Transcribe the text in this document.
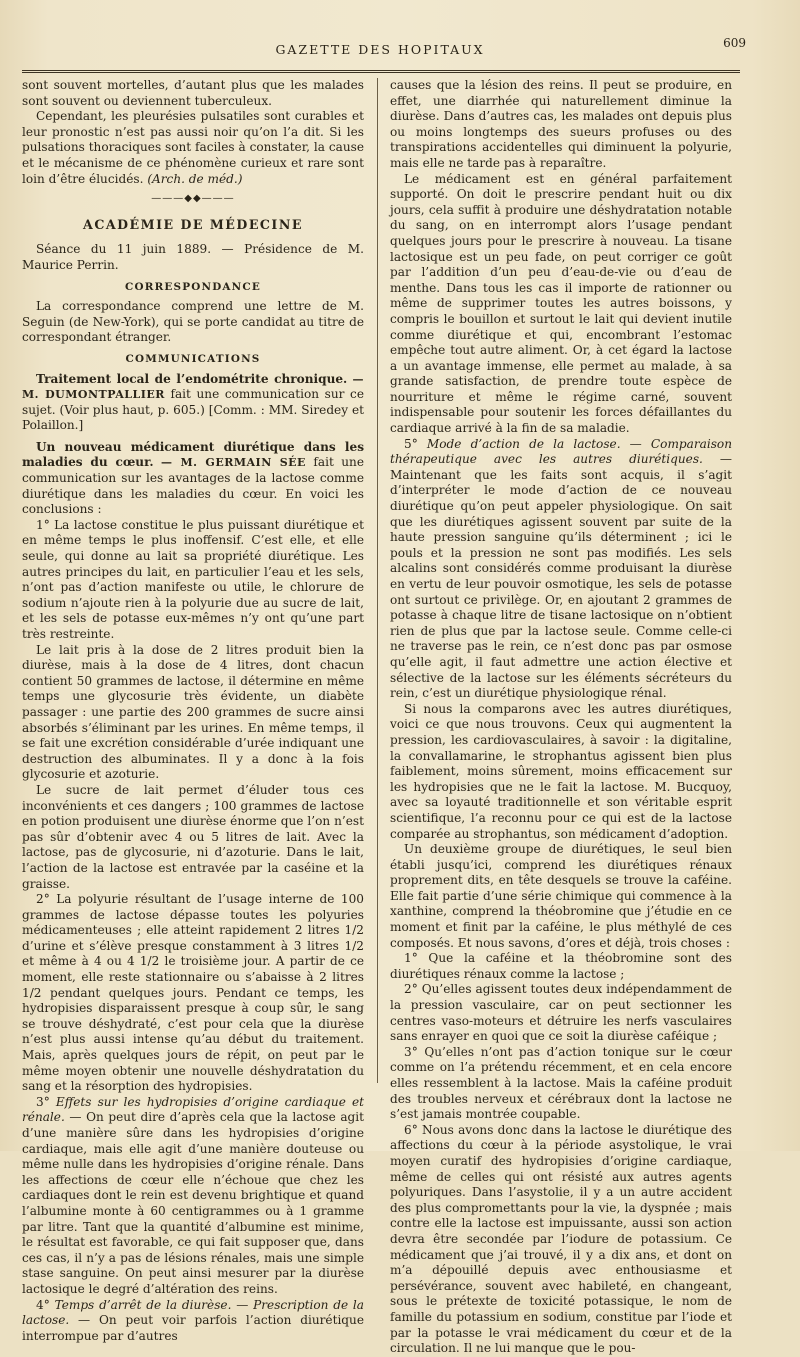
GAZETTE DES HOPITAUX	609

sont souvent mortelles, d’autant plus que les malades sont souvent ou deviennent tuberculeux.

Cependant, les pleurésies pulsatiles sont curables et leur pronostic n’est pas aussi noir qu’on l’a dit. Si les pulsations thoraciques sont faciles à constater, la cause et le mécanisme de ce phénomène curieux et rare sont loin d’être élucidés. (Arch. de méd.)

———◆◆———
ACADÉMIE DE MÉDECINE

Séance du 11 juin 1889. — Présidence de M. Maurice Perrin.

CORRESPONDANCE

La correspondance comprend une lettre de M. Seguin (de New-York), qui se porte candidat au titre de correspondant étranger.

COMMUNICATIONS

Traitement local de l’endométrite chronique. — M. DUMONTPALLIER fait une communication sur ce sujet. (Voir plus haut, p. 605.) [Comm. : MM. Siredey et Polaillon.]

Un nouveau médicament diurétique dans les maladies du cœur. — M. GERMAIN SÉE fait une communication sur les avantages de la lactose comme diurétique dans les maladies du cœur. En voici les conclusions :

1° La lactose constitue le plus puissant diurétique et en même temps le plus inoffensif. C’est elle, et elle seule, qui donne au lait sa propriété diurétique. Les autres principes du lait, en particulier l’eau et les sels, n’ont pas d’action manifeste ou utile, le chlorure de sodium n’ajoute rien à la polyurie due au sucre de lait, et les sels de potasse eux-mêmes n’y ont qu’une part très restreinte.

Le lait pris à la dose de 2 litres produit bien la diurèse, mais à la dose de 4 litres, dont chacun contient 50 grammes de lactose, il détermine en même temps une glycosurie très évidente, un diabète passager : une partie des 200 grammes de sucre ainsi absorbés s’éliminant par les urines. En même temps, il se fait une excrétion considérable d’urée indiquant une destruction des albuminates. Il y a donc à la fois glycosurie et azoturie.

Le sucre de lait permet d’éluder tous ces inconvénients et ces dangers ; 100 grammes de lactose en potion produisent une diurèse énorme que l’on n’est pas sûr d’obtenir avec 4 ou 5 litres de lait. Avec la lactose, pas de glycosurie, ni d’azoturie. Dans le lait, l’action de la lactose est entravée par la caséine et la graisse.

2° La polyurie résultant de l’usage interne de 100 grammes de lactose dépasse toutes les polyuries médicamenteuses ; elle atteint rapidement 2 litres 1/2 d’urine et s’élève presque constamment à 3 litres 1/2 et même à 4 ou 4 1/2 le troisième jour. A partir de ce moment, elle reste stationnaire ou s’abaisse à 2 litres 1/2 pendant quelques jours. Pendant ce temps, les hydropisies disparaissent presque à coup sûr, le sang se trouve déshydraté, c’est pour cela que la diurèse n’est plus aussi intense qu’au début du traitement. Mais, après quelques jours de répit, on peut par le même moyen obtenir une nouvelle déshydratation du sang et la résorption des hydropisies.

3° Effets sur les hydropisies d’origine cardiaque et rénale. — On peut dire d’après cela que la lactose agit d’une manière sûre dans les hydropisies d’origine cardiaque, mais elle agit d’une manière douteuse ou même nulle dans les hydropisies d’origine rénale. Dans les affections de cœur elle n’échoue que chez les cardiaques dont le rein est devenu brightique et quand l’albumine monte à 60 centigrammes ou à 1 gramme par litre. Tant que la quantité d’albumine est minime, le résultat est favorable, ce qui fait supposer que, dans ces cas, il n’y a pas de lésions rénales, mais une simple stase sanguine. On peut ainsi mesurer par la diurèse lactosique le degré d’altération des reins.

4° Temps d’arrêt de la diurèse. — Prescription de la lactose. — On peut voir parfois l’action diurétique interrompue par d’autres

causes que la lésion des reins. Il peut se produire, en effet, une diarrhée qui naturellement diminue la diurèse. Dans d’autres cas, les malades ont depuis plus ou moins longtemps des sueurs profuses ou des transpirations accidentelles qui diminuent la polyurie, mais elle ne tarde pas à reparaître.

Le médicament est en général parfaitement supporté. On doit le prescrire pendant huit ou dix jours, cela suffit à produire une déshydratation notable du sang, on en interrompt alors l’usage pendant quelques jours pour le prescrire à nouveau. La tisane lactosique est un peu fade, on peut corriger ce goût par l’addition d’un peu d’eau-de-vie ou d’eau de menthe. Dans tous les cas il importe de rationner ou même de supprimer toutes les autres boissons, y compris le bouillon et surtout le lait qui devient inutile comme diurétique et qui, encombrant l’estomac empêche tout autre aliment. Or, à cet égard la lactose a un avantage immense, elle permet au malade, à sa grande satisfaction, de prendre toute espèce de nourriture et même le régime carné, souvent indispensable pour soutenir les forces défaillantes du cardiaque arrivé à la fin de sa maladie.

5° Mode d’action de la lactose. — Comparaison thérapeutique avec les autres diurétiques. — Maintenant que les faits sont acquis, il s’agit d’interpréter le mode d’action de ce nouveau diurétique qu’on peut appeler physiologique. On sait que les diurétiques agissent souvent par suite de la haute pression sanguine qu’ils déterminent ; ici le pouls et la pression ne sont pas modifiés. Les sels alcalins sont considérés comme produisant la diurèse en vertu de leur pouvoir osmotique, les sels de potasse ont surtout ce privilège. Or, en ajoutant 2 grammes de potasse à chaque litre de tisane lactosique on n’obtient rien de plus que par la lactose seule. Comme celle-ci ne traverse pas le rein, ce n’est donc pas par osmose qu’elle agit, il faut admettre une action élective et sélective de la lactose sur les éléments sécréteurs du rein, c’est un diurétique physiologique rénal.

Si nous la comparons avec les autres diurétiques, voici ce que nous trouvons. Ceux qui augmentent la pression, les cardiovasculaires, à savoir : la digitaline, la convallamarine, le strophantus agissent bien plus faiblement, moins sûrement, moins efficacement sur les hydropisies que ne le fait la lactose. M. Bucquoy, avec sa loyauté traditionnelle et son véritable esprit scientifique, l’a reconnu pour ce qui est de la lactose comparée au strophantus, son médicament d’adoption.

Un deuxième groupe de diurétiques, le seul bien établi jusqu’ici, comprend les diurétiques rénaux proprement dits, en tête desquels se trouve la caféine. Elle fait partie d’une série chimique qui commence à la xanthine, comprend la théobromine que j’étudie en ce moment et finit par la caféine, le plus méthylé de ces composés. Et nous savons, d’ores et déjà, trois choses :

1° Que la caféine et la théobromine sont des diurétiques rénaux comme la lactose ;

2° Qu’elles agissent toutes deux indépendamment de la pression vasculaire, car on peut sectionner les centres vaso-moteurs et détruire les nerfs vasculaires sans enrayer en quoi que ce soit la diurèse caféique ;

3° Qu’elles n’ont pas d’action tonique sur le cœur comme on l’a prétendu récemment, et en cela encore elles ressemblent à la lactose. Mais la caféine produit des troubles nerveux et cérébraux dont la lactose ne s’est jamais montrée coupable.

6° Nous avons donc dans la lactose le diurétique des affections du cœur à la période asystolique, le vrai moyen curatif des hydropisies d’origine cardiaque, même de celles qui ont résisté aux autres agents polyuriques. Dans l’asystolie, il y a un autre accident des plus compromettants pour la vie, la dyspnée ; mais contre elle la lactose est impuissante, aussi son action devra être secondée par l’iodure de potassium. Ce médicament que j’ai trouvé, il y a dix ans, et dont on m’a dépouillé depuis avec enthousiasme et persévérance, souvent avec habileté, en changeant, sous le prétexte de toxicité potassique, le nom de famille du potassium en sodium, constitue par l’iode et par la potasse le vrai médicament du cœur et de la circulation. Il ne lui manque que le pou-
